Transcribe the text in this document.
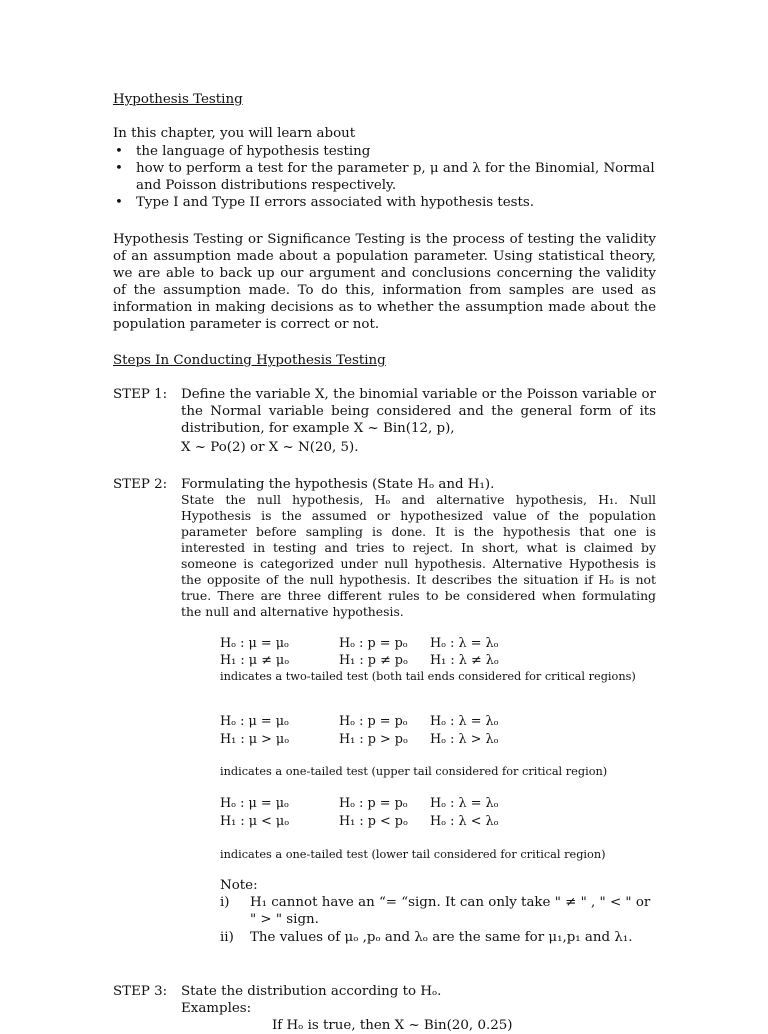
Hypothesis Testing
In this chapter, you will learn about
• the language of hypothesis testing
• how to perform a test for the parameter p, μ and λ for the Binomial, Normal and Poisson distributions respectively.
• Type I and Type II errors associated with hypothesis tests.
Hypothesis Testing or Significance Testing is the process of testing the validity of an assumption made about a population parameter. Using statistical theory, we are able to back up our argument and conclusions concerning the validity of the assumption made. To do this, information from samples are used as information in making decisions as to whether the assumption made about the population parameter is correct or not.
Steps In Conducting Hypothesis Testing
STEP 1: Define the variable X, the binomial variable or the Poisson variable or the Normal variable being considered and the general form of its distribution, for example X ~ Bin(12, p),
X ~ Po(2) or X ~ N(20, 5).
STEP 2: Formulating the hypothesis (State Hₒ and H₁).
State the null hypothesis, Hₒ and alternative hypothesis, H₁. Null Hypothesis is the assumed or hypothesized value of the population parameter before sampling is done. It is the hypothesis that one is interested in testing and tries to reject. In short, what is claimed by someone is categorized under null hypothesis. Alternative Hypothesis is the opposite of the null hypothesis. It describes the situation if Hₒ is not true. There are three different rules to be considered when formulating the null and alternative hypothesis.
Hₒ : μ = μₒ	Hₒ : p = pₒ Hₒ : λ = λₒ
H₁ : μ ≠ μₒ	H₁ : p ≠ pₒ H₁ : λ ≠ λₒ
indicates a two-tailed test (both tail ends considered for critical regions)
Hₒ : μ = μₒ	Hₒ : p = pₒ Hₒ : λ = λₒ
H₁ : μ > μₒ	H₁ : p > pₒ Hₒ : λ > λₒ
indicates a one-tailed test (upper tail considered for critical region)
Hₒ : μ = μₒ	Hₒ : p = pₒ Hₒ : λ = λₒ
H₁ : μ < μₒ	H₁ : p < pₒ Hₒ : λ < λₒ
indicates a one-tailed test (lower tail considered for critical region)
Note:
i) H₁ cannot have an “= “sign. It can only take " ≠ " , " < " or " > " sign.
ii) The values of μₒ ,pₒ and λₒ are the same for μ₁,p₁ and λ₁.
STEP 3: State the distribution according to Hₒ.
Examples:
If Hₒ is true, then X ~ Bin(20, 0.25)
